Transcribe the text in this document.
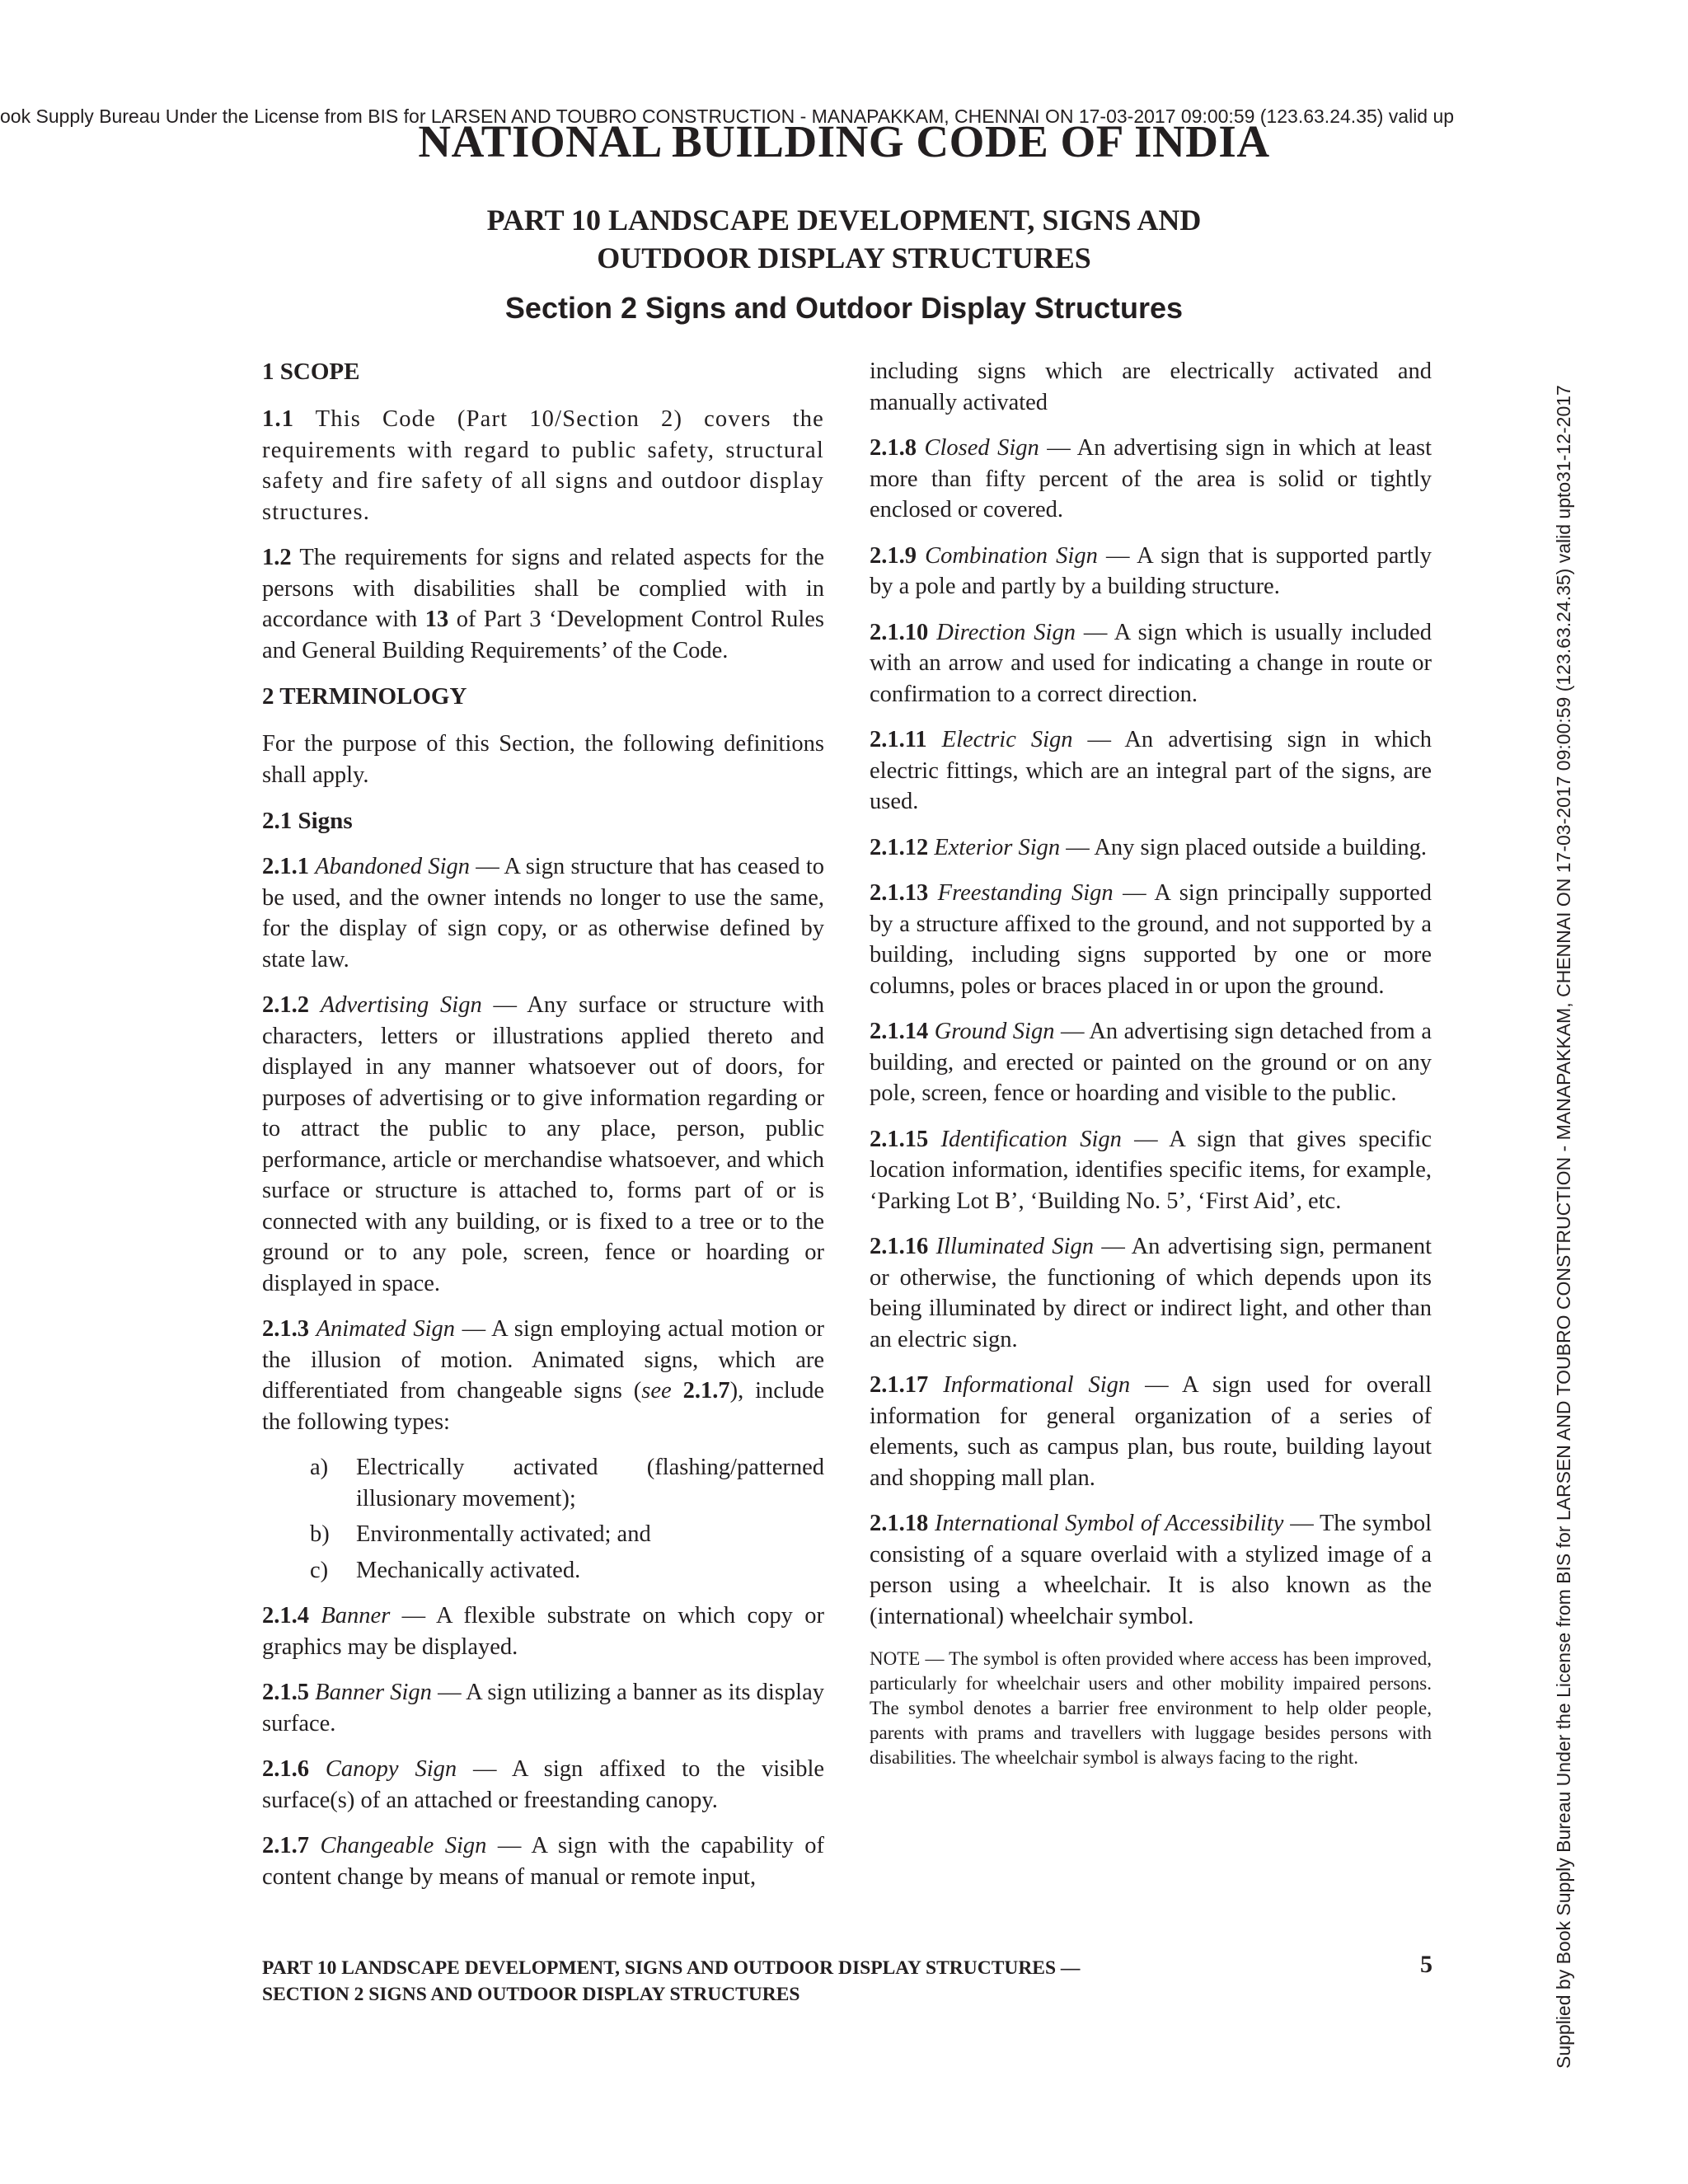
ook Supply Bureau Under the License from BIS for LARSEN AND TOUBRO CONSTRUCTION - MANAPAKKAM, CHENNAI ON 17-03-2017 09:00:59 (123.63.24.35) valid up
Supplied by Book Supply Bureau Under the License from BIS for LARSEN AND TOUBRO CONSTRUCTION - MANAPAKKAM, CHENNAI ON 17-03-2017 09:00:59 (123.63.24.35) valid upto31-12-2017
NATIONAL BUILDING CODE OF INDIA
PART 10 LANDSCAPE DEVELOPMENT, SIGNS AND
OUTDOOR DISPLAY STRUCTURES
Section 2 Signs and Outdoor Display Structures
1 SCOPE

1.1 This Code (Part 10/Section 2) covers the requirements with regard to public safety, structural safety and fire safety of all signs and outdoor display structures.

1.2 The requirements for signs and related aspects for the persons with disabilities shall be complied with in accordance with 13 of Part 3 ‘Development Control Rules and General Building Requirements’ of the Code.

2 TERMINOLOGY

For the purpose of this Section, the following definitions shall apply.

2.1 Signs

2.1.1 Abandoned Sign — A sign structure that has ceased to be used, and the owner intends no longer to use the same, for the display of sign copy, or as otherwise defined by state law.

2.1.2 Advertising Sign — Any surface or structure with characters, letters or illustrations applied thereto and displayed in any manner whatsoever out of doors, for purposes of advertising or to give information regarding or to attract the public to any place, person, public performance, article or merchandise whatsoever, and which surface or structure is attached to, forms part of or is connected with any building, or is fixed to a tree or to the ground or to any pole, screen, fence or hoarding or displayed in space.

2.1.3 Animated Sign — A sign employing actual motion or the illusion of motion. Animated signs, which are differentiated from changeable signs (see 2.1.7), include the following types:

a) Electrically activated (flashing/patterned illusionary movement);
b) Environmentally activated; and
c) Mechanically activated.

2.1.4 Banner — A flexible substrate on which copy or graphics may be displayed.

2.1.5 Banner Sign — A sign utilizing a banner as its display surface.

2.1.6 Canopy Sign — A sign affixed to the visible surface(s) of an attached or freestanding canopy.

2.1.7 Changeable Sign — A sign with the capability of content change by means of manual or remote input,

including signs which are electrically activated and manually activated

2.1.8 Closed Sign — An advertising sign in which at least more than fifty percent of the area is solid or tightly enclosed or covered.

2.1.9 Combination Sign — A sign that is supported partly by a pole and partly by a building structure.

2.1.10 Direction Sign — A sign which is usually included with an arrow and used for indicating a change in route or confirmation to a correct direction.

2.1.11 Electric Sign — An advertising sign in which electric fittings, which are an integral part of the signs, are used.

2.1.12 Exterior Sign — Any sign placed outside a building.

2.1.13 Freestanding Sign — A sign principally supported by a structure affixed to the ground, and not supported by a building, including signs supported by one or more columns, poles or braces placed in or upon the ground.

2.1.14 Ground Sign — An advertising sign detached from a building, and erected or painted on the ground or on any pole, screen, fence or hoarding and visible to the public.

2.1.15 Identification Sign — A sign that gives specific location information, identifies specific items, for example, ‘Parking Lot B’, ‘Building No. 5’, ‘First Aid’, etc.

2.1.16 Illuminated Sign — An advertising sign, permanent or otherwise, the functioning of which depends upon its being illuminated by direct or indirect light, and other than an electric sign.

2.1.17 Informational Sign — A sign used for overall information for general organization of a series of elements, such as campus plan, bus route, building layout and shopping mall plan.

2.1.18 International Symbol of Accessibility — The symbol consisting of a square overlaid with a stylized image of a person using a wheelchair. It is also known as the (international) wheelchair symbol.

NOTE — The symbol is often provided where access has been improved, particularly for wheelchair users and other mobility impaired persons. The symbol denotes a barrier free environment to help older people, parents with prams and travellers with luggage besides persons with disabilities. The wheelchair symbol is always facing to the right.

PART 10 LANDSCAPE DEVELOPMENT, SIGNS AND OUTDOOR DISPLAY STRUCTURES —
SECTION 2 SIGNS AND OUTDOOR DISPLAY STRUCTURES
5
